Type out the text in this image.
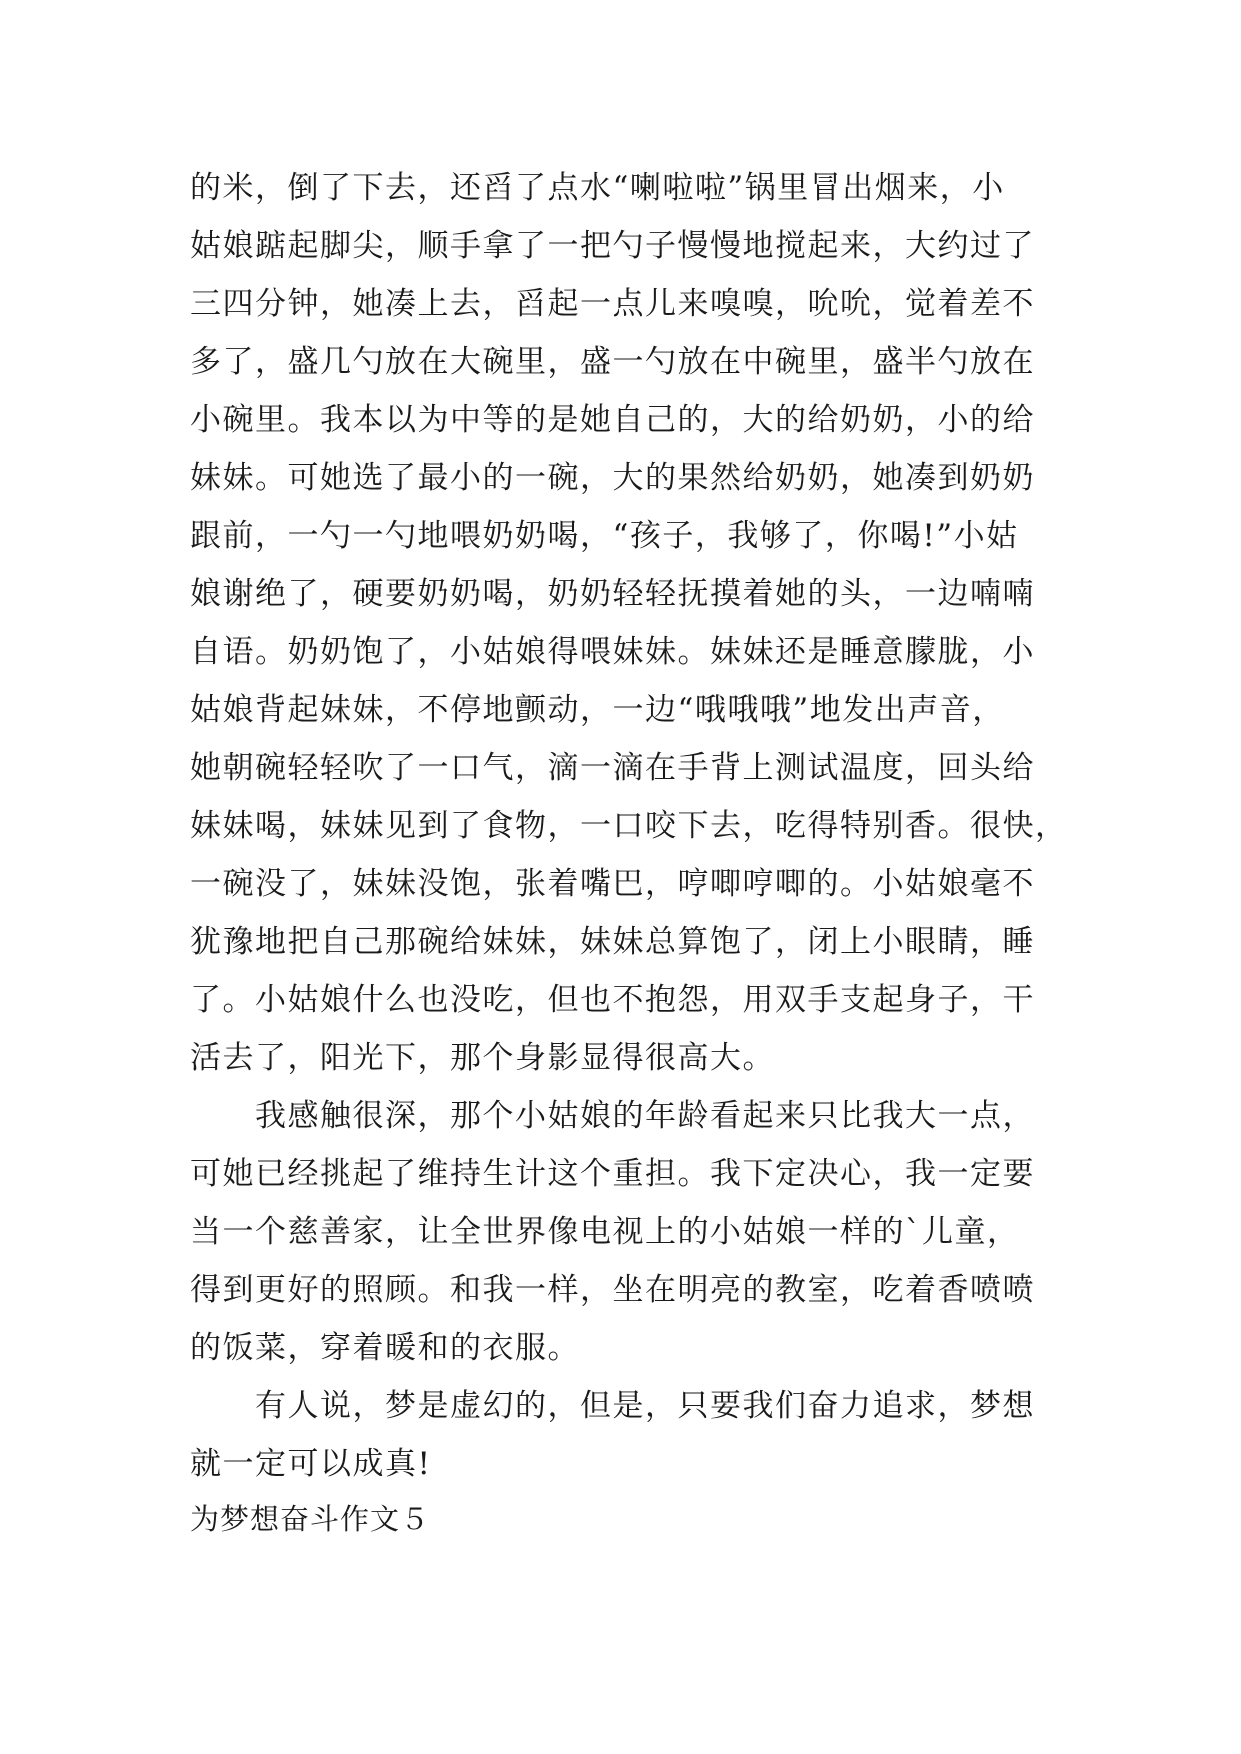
的米，倒了下去，还舀了点水“喇啦啦”锅里冒出烟来，小
姑娘踮起脚尖，顺手拿了一把勺子慢慢地搅起来，大约过了
三四分钟，她凑上去，舀起一点儿来嗅嗅，吮吮，觉着差不
多了，盛几勺放在大碗里，盛一勺放在中碗里，盛半勺放在
小碗里。我本以为中等的是她自己的，大的给奶奶，小的给
妹妹。可她选了最小的一碗，大的果然给奶奶，她凑到奶奶
跟前，一勺一勺地喂奶奶喝，“孩子，我够了，你喝!”小姑
娘谢绝了，硬要奶奶喝，奶奶轻轻抚摸着她的头，一边喃喃
自语。奶奶饱了，小姑娘得喂妹妹。妹妹还是睡意朦胧，小
姑娘背起妹妹，不停地颤动，一边“哦哦哦”地发出声音，
她朝碗轻轻吹了一口气，滴一滴在手背上测试温度，回头给
妹妹喝，妹妹见到了食物，一口咬下去，吃得特别香。很快，
一碗没了，妹妹没饱，张着嘴巴，哼唧哼唧的。小姑娘毫不
犹豫地把自己那碗给妹妹，妹妹总算饱了，闭上小眼睛，睡
了。小姑娘什么也没吃，但也不抱怨，用双手支起身子，干
活去了，阳光下，那个身影显得很高大。
　　我感触很深，那个小姑娘的年龄看起来只比我大一点，
可她已经挑起了维持生计这个重担。我下定决心，我一定要
当一个慈善家，让全世界像电视上的小姑娘一样的`儿童，
得到更好的照顾。和我一样，坐在明亮的教室，吃着香喷喷
的饭菜，穿着暖和的衣服。
　　有人说，梦是虚幻的，但是，只要我们奋力追求，梦想
就一定可以成真!
为梦想奋斗作文５
